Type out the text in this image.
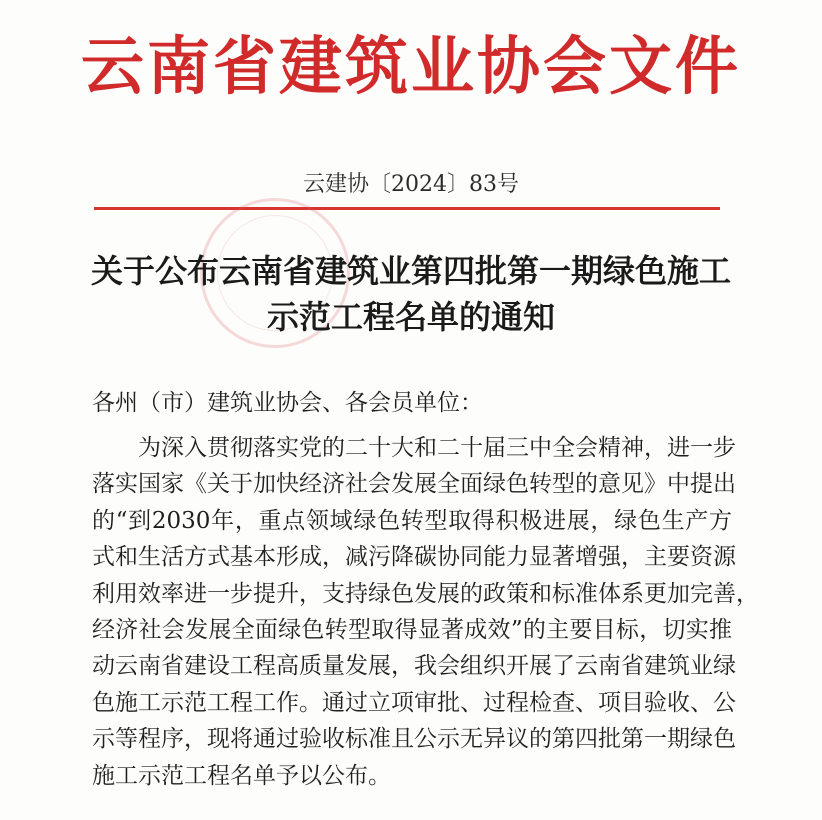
云南省建筑业协会文件
云建协〔2024〕83号
关于公布云南省建筑业第四批第一期绿色施工
示范工程名单的通知
各州（市）建筑业协会、各会员单位：
为深入贯彻落实党的二十大和二十届三中全会精神，进一步
落实国家《关于加快经济社会发展全面绿色转型的意见》中提出
的“到2030年，重点领域绿色转型取得积极进展，绿色生产方
式和生活方式基本形成，减污降碳协同能力显著增强，主要资源
利用效率进一步提升，支持绿色发展的政策和标准体系更加完善，
经济社会发展全面绿色转型取得显著成效”的主要目标，切实推
动云南省建设工程高质量发展，我会组织开展了云南省建筑业绿
色施工示范工程工作。通过立项审批、过程检查、项目验收、公
示等程序，现将通过验收标准且公示无异议的第四批第一期绿色
施工示范工程名单予以公布。
